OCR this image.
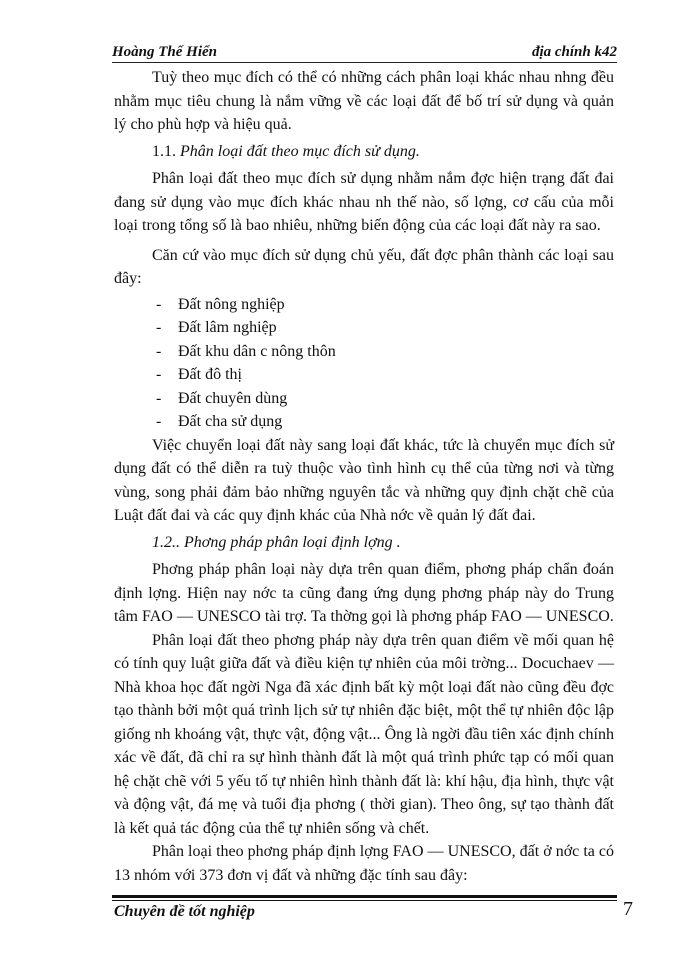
Hoàng Thế Hiển	địa chính k42

Tuỳ theo mục đích có thể có những cách phân loại khác nhau nhng đều nhằm mục tiêu chung là nắm vững về các loại đất để bố trí sử dụng và quản lý cho phù hợp và hiệu quả.

1.1. Phân loại đất theo mục đích sử dụng.

Phân loại đất theo mục đích sử dụng nhằm nắm đợc hiện trạng đất đai đang sử dụng vào mục đích khác nhau nh thế nào, số lợng, cơ cấu của mỗi loại trong tổng số là bao nhiêu, những biến động của các loại đất này ra sao.

Căn cứ vào mục đích sử dụng chủ yếu, đất đợc phân thành các loại sau đây:

- Đất nông nghiệp
- Đất lâm nghiệp
- Đất khu dân c nông thôn
- Đất đô thị
- Đất chuyên dùng
- Đất cha sử dụng

Việc chuyển loại đất này sang loại đất khác, tức là chuyển mục đích sử dụng đất có thể diễn ra tuỳ thuộc vào tình hình cụ thể của từng nơi và từng vùng, song phải đảm bảo những nguyên tắc và những quy định chặt chẽ của Luật đất đai và các quy định khác của Nhà nớc về quản lý đất đai.

1.2.. Phơng pháp phân loại định lợng .

Phơng pháp phân loại này dựa trên quan điểm, phơng pháp chẩn đoán định lợng. Hiện nay nớc ta cũng đang ứng dụng phơng pháp này do Trung tâm FAO — UNESCO tài trợ. Ta thờng gọi là phơng pháp FAO — UNESCO.

Phân loại đất theo phơng pháp này dựa trên quan điểm về mối quan hệ có tính quy luật giữa đất và điều kiện tự nhiên của môi trờng... Docuchaev — Nhà khoa học đất ngời Nga đã xác định bất kỳ một loại đất nào cũng đều đợc tạo thành bởi một quá trình lịch sử tự nhiên đặc biệt, một thể tự nhiên độc lập giống nh khoáng vật, thực vật, động vật... Ông là ngời đầu tiên xác định chính xác về đất, đã chỉ ra sự hình thành đất là một quá trình phức tạp có mối quan hệ chặt chẽ với 5 yếu tố tự nhiên hình thành đất là: khí hậu, địa hình, thực vật và động vật, đá mẹ và tuổi địa phơng ( thời gian). Theo ông, sự tạo thành đất là kết quả tác động của thể tự nhiên sống và chết.

Phân loại theo phơng pháp định lợng FAO — UNESCO, đất ở nớc ta có 13 nhóm với 373 đơn vị đất và những đặc tính sau đây:

Chuyên đề tốt nghiệp	7
